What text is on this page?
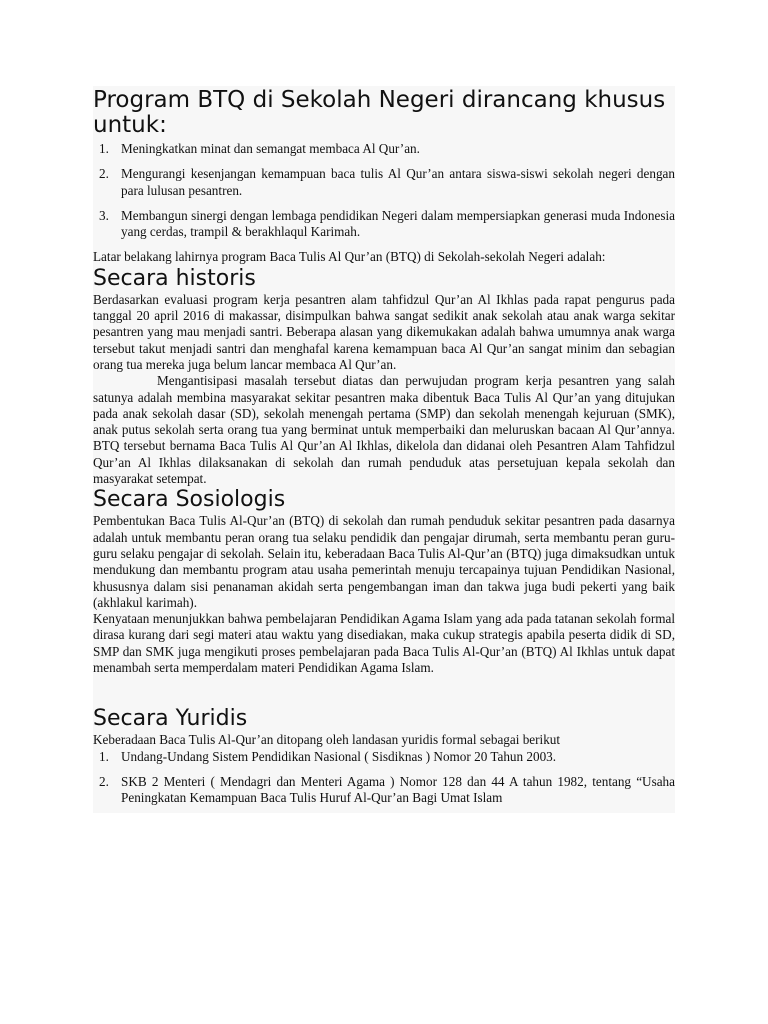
Program BTQ di Sekolah Negeri dirancang khusus untuk:
1. Meningkatkan minat dan semangat membaca Al Qur’an.
2. Mengurangi kesenjangan kemampuan baca tulis Al Qur’an antara siswa-siswi sekolah negeri dengan para lulusan pesantren.
3. Membangun sinergi dengan lembaga pendidikan Negeri dalam mempersiapkan generasi muda Indonesia yang cerdas, trampil & berakhlaqul Karimah.

Latar belakang lahirnya program Baca Tulis Al Qur’an (BTQ) di Sekolah-sekolah Negeri adalah:

Secara historis

Berdasarkan evaluasi program kerja pesantren alam tahfidzul Qur’an Al Ikhlas pada rapat pengurus pada tanggal 20 april 2016 di makassar, disimpulkan bahwa sangat sedikit anak sekolah atau anak warga sekitar pesantren yang mau menjadi santri. Beberapa alasan yang dikemukakan adalah bahwa umumnya anak warga tersebut takut menjadi santri dan menghafal karena kemampuan baca Al Qur’an sangat minim dan sebagian orang tua mereka juga belum lancar membaca Al Qur’an.

Mengantisipasi masalah tersebut diatas dan perwujudan program kerja pesantren yang salah satunya adalah membina masyarakat sekitar pesantren maka dibentuk Baca Tulis Al Qur’an yang ditujukan pada anak sekolah dasar (SD), sekolah menengah pertama (SMP) dan sekolah menengah kejuruan (SMK), anak putus sekolah serta orang tua yang berminat untuk memperbaiki dan meluruskan bacaan Al Qur’annya. BTQ tersebut bernama Baca Tulis Al Qur’an Al Ikhlas, dikelola dan didanai oleh Pesantren Alam Tahfidzul Qur’an Al Ikhlas dilaksanakan di sekolah dan rumah penduduk atas persetujuan kepala sekolah dan masyarakat setempat.

Secara Sosiologis

Pembentukan Baca Tulis Al-Qur’an (BTQ) di sekolah dan rumah penduduk sekitar pesantren pada dasarnya adalah untuk membantu peran orang tua selaku pendidik dan pengajar dirumah, serta membantu peran guru-guru selaku pengajar di sekolah. Selain itu, keberadaan Baca Tulis Al-Qur’an (BTQ) juga dimaksudkan untuk mendukung dan membantu program atau usaha pemerintah menuju tercapainya tujuan Pendidikan Nasional, khususnya dalam sisi penanaman akidah serta pengembangan iman dan takwa juga budi pekerti yang baik (akhlakul karimah).

Kenyataan menunjukkan bahwa pembelajaran Pendidikan Agama Islam yang ada pada tatanan sekolah formal dirasa kurang dari segi materi atau waktu yang disediakan, maka cukup strategis apabila peserta didik di SD, SMP dan SMK juga mengikuti proses pembelajaran pada Baca Tulis Al-Qur’an (BTQ) Al Ikhlas untuk dapat menambah serta memperdalam materi Pendidikan Agama Islam.

Secara Yuridis

Keberadaan Baca Tulis Al-Qur’an ditopang oleh landasan yuridis formal sebagai berikut

1. Undang-Undang Sistem Pendidikan Nasional ( Sisdiknas ) Nomor 20 Tahun 2003.
2. SKB 2 Menteri ( Mendagri dan Menteri Agama ) Nomor 128 dan 44 A tahun 1982, tentang “Usaha Peningkatan Kemampuan Baca Tulis Huruf Al-Qur’an Bagi Umat Islam
